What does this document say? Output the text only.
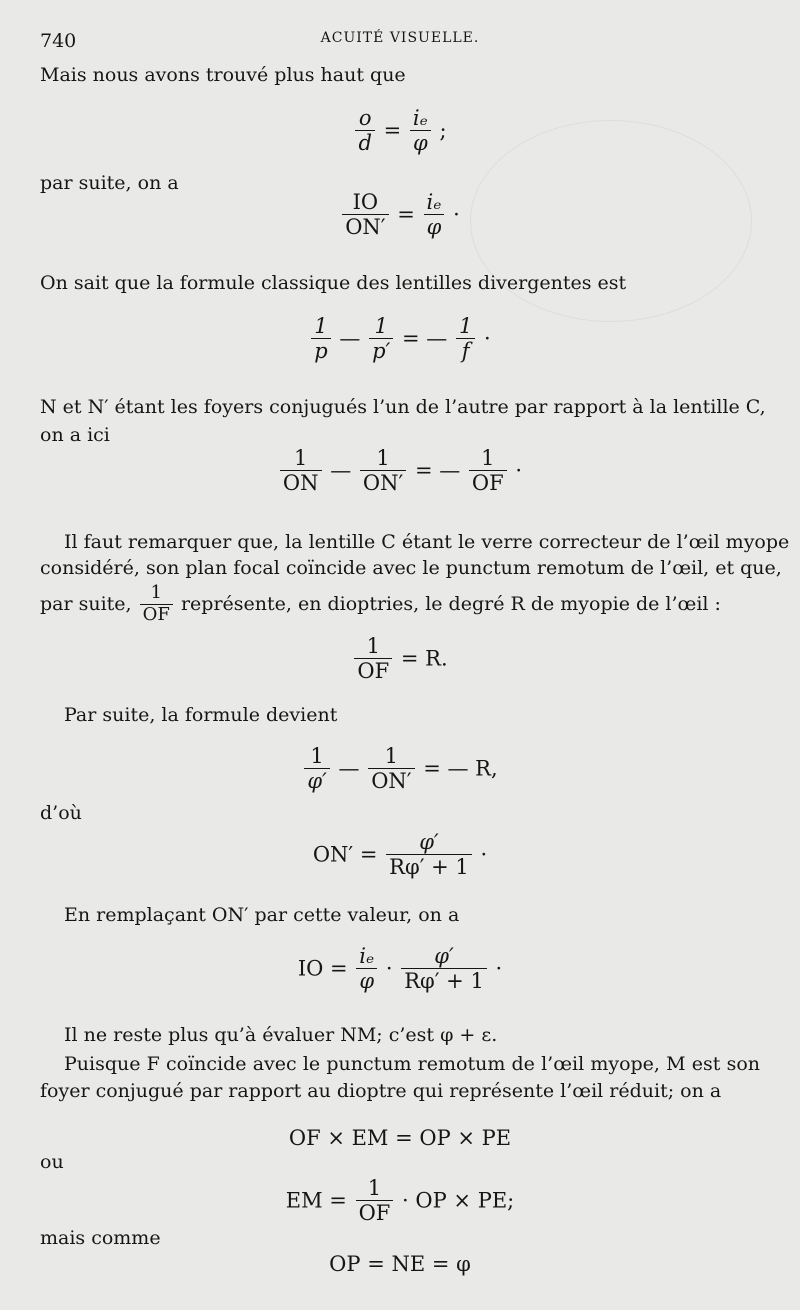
740	ACUITÉ VISUELLE.
Mais nous avons trouvé plus haut que
$\frac{o}{d} = \frac{\text{iₑ}}{\varphi}$ ;
par suite, on a
$\frac{IO}{ON'} = \frac{\text{iₑ}}{\varphi}$ ·
On sait que la formule classique des lentilles divergentes est
$\frac{1}{p}$ — $\frac{1}{p'}$ = — $\frac{1}{f}$ ·
N et N′ étant les foyers conjugués l’un de l’autre par rapport à la lentille C,
on a ici
$\frac{1}{ON}$ — $\frac{1}{ON'}$ = — $\frac{1}{OF}$ ·
Il faut remarquer que, la lentille C étant le verre correcteur de l’œil myope
considéré, son plan focal coïncide avec le punctum remotum de l’œil, et que,
par suite, $\frac{1}{OF}$ représente, en dioptries, le degré R de myopie de l’œil :
$\frac{1}{OF} = R$.
Par suite, la formule devient
$\frac{1}{\varphi'}$ — $\frac{1}{ON'}$ = — R,
d’où
$ON' = \frac{\varphi'}{R\varphi' + 1}$ ·
En remplaçant ON′ par cette valeur, on a
IO = $\frac{\text{iₑ}}{\varphi} \cdot \frac{\varphi'}{R\varphi' + 1}$ ·
Il ne reste plus qu’à évaluer NM; c’est φ + ε.
Puisque F coïncide avec le punctum remotum de l’œil myope, M est son
foyer conjugué par rapport au dioptre qui représente l’œil réduit; on a
OF × EM = OP × PE
ou
EM = $\frac{1}{OF}$ · OP × PE;
mais comme
OP = NE = φ
